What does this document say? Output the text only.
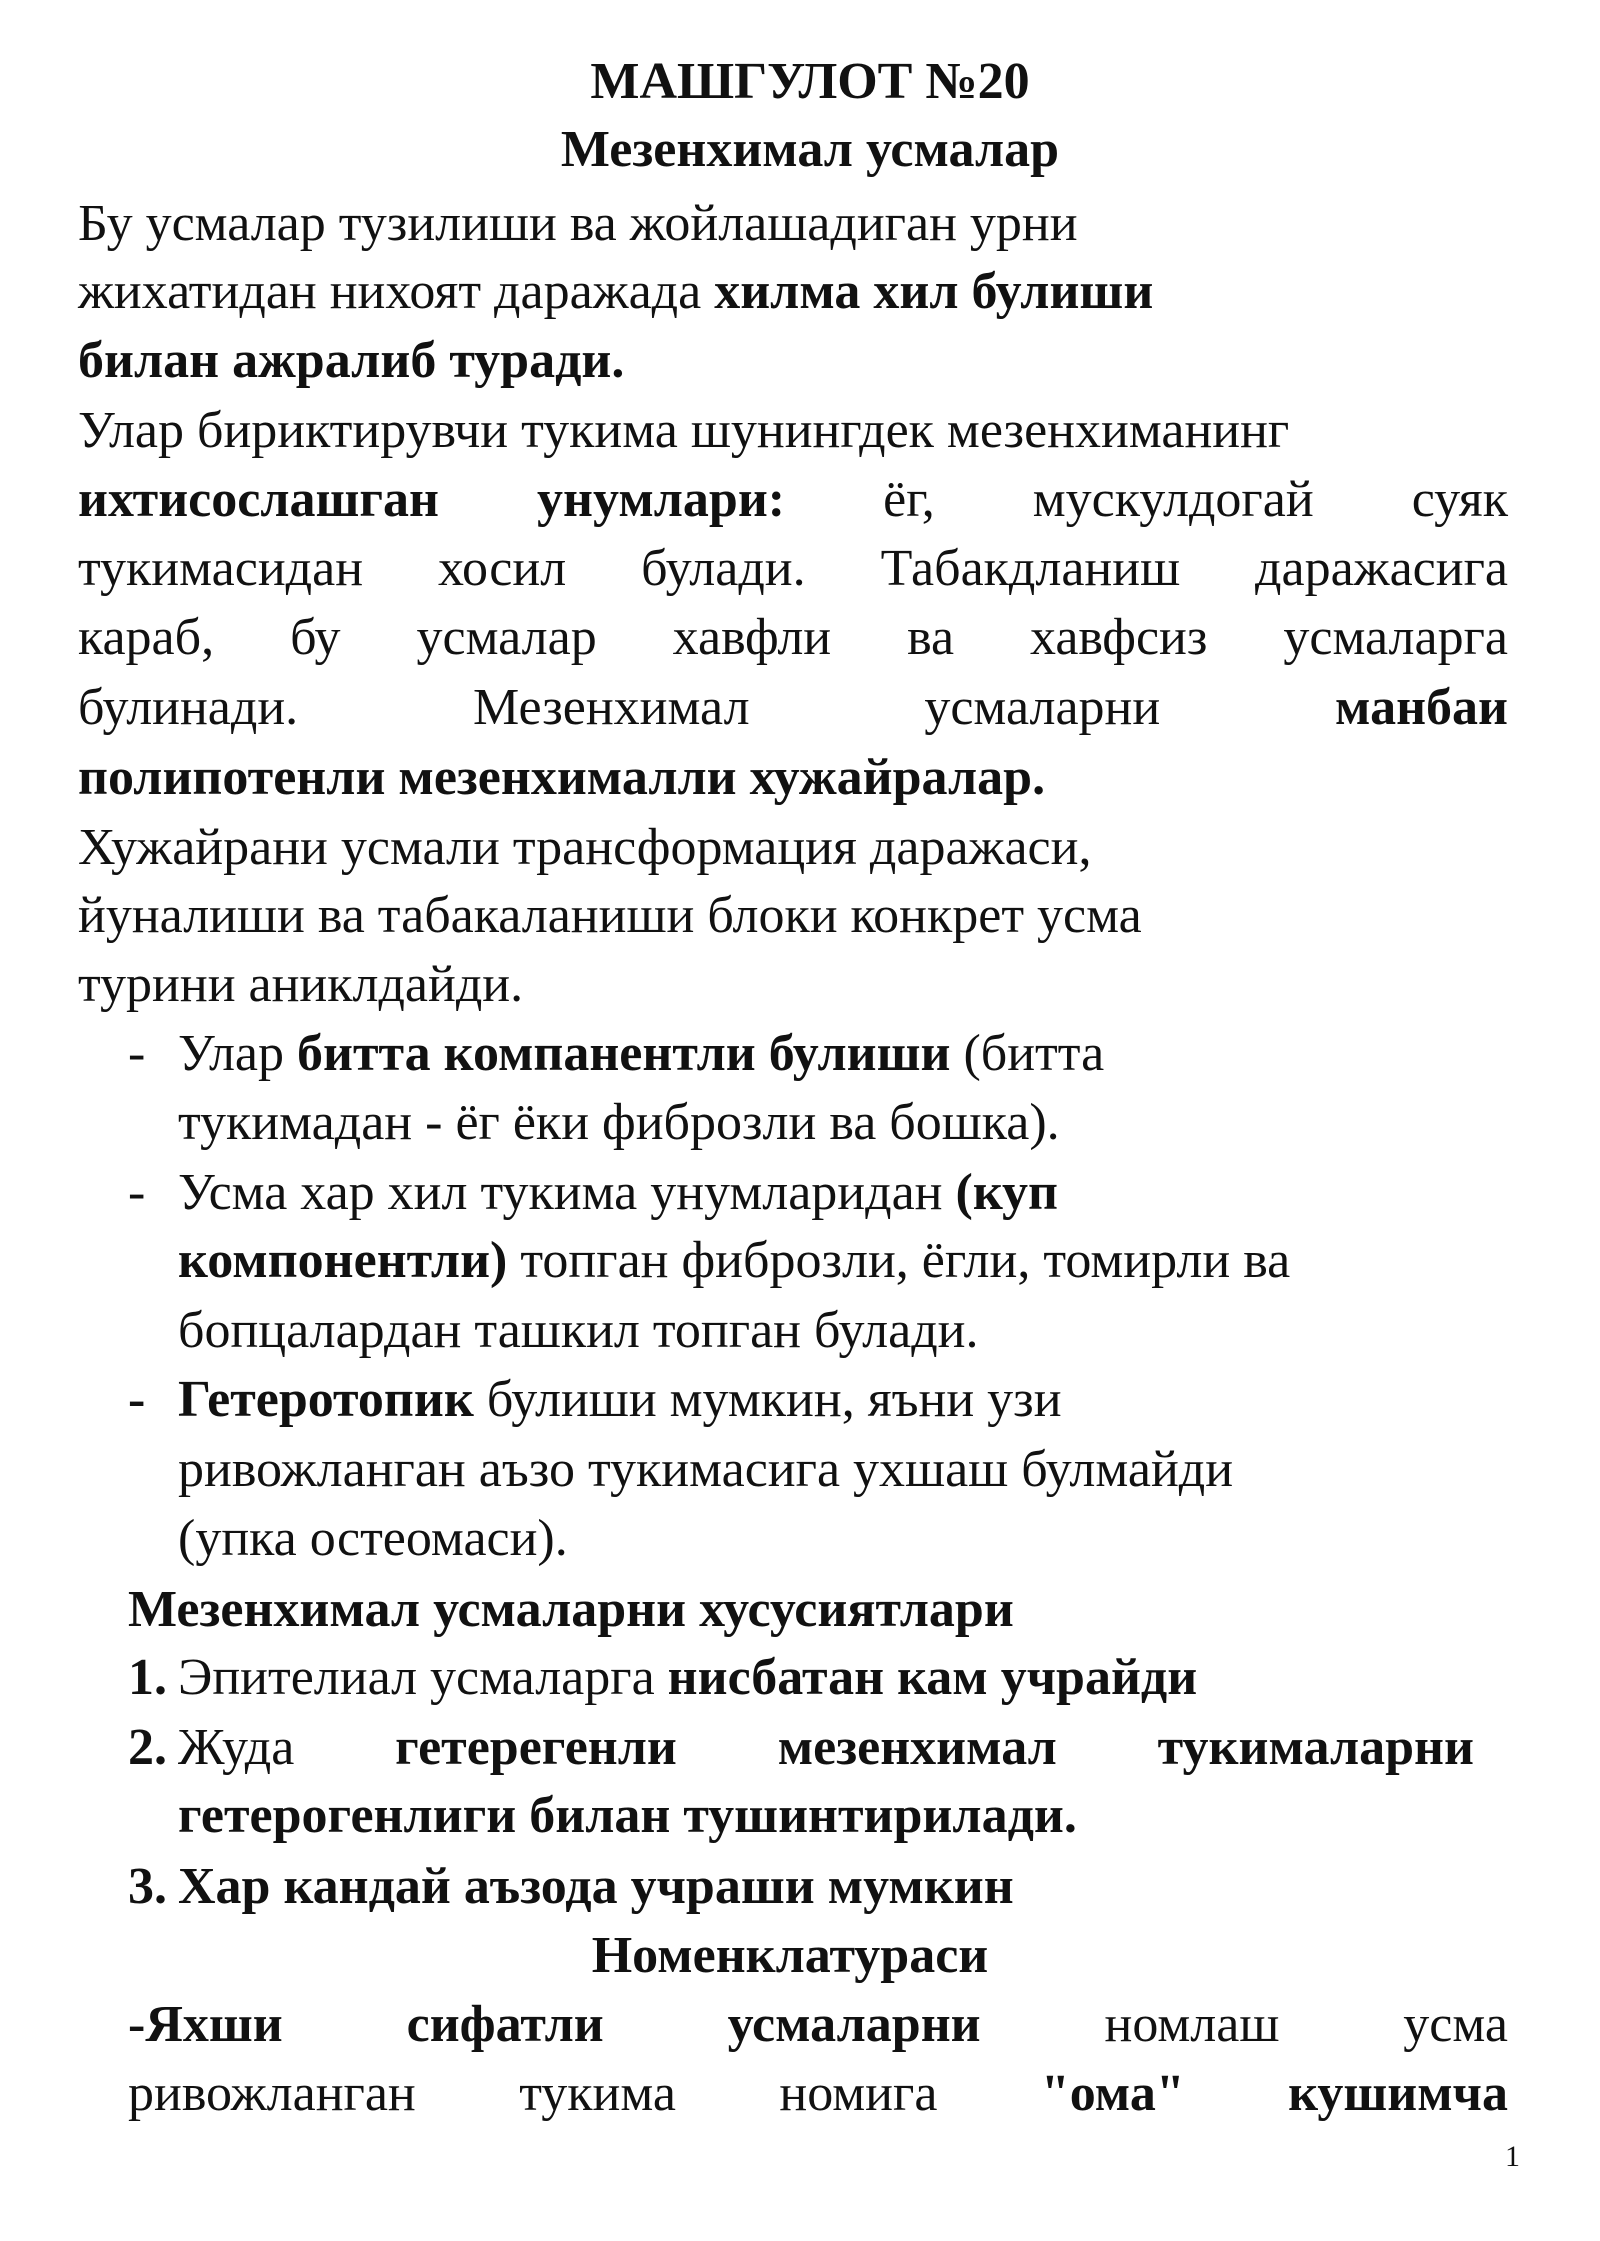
МАШГУЛОТ №20
Мезенхимал усмалар
Бу усмалар тузилиши ва жойлашадиган урни
жихатидан нихоят даражада хилма хил булиши
билан ажралиб туради.
Улар бириктирувчи тукима шунингдек мезенхиманинг
ихтисослашган унумлари: ёг, мускулдогай суяк
тукимасидан хосил булади. Табакдланиш даражасига
караб, бу усмалар хавфли ва хавфсиз усмаларга
булинади. Мезенхимал усмаларни манбаи
полипотенли мезенхималли хужайралар.
Хужайрани усмали трансформация даражаси,
йуналиши ва табакаланиши блоки конкрет усма
турини аниклдайди.
- Улар битта компанентли булиши (битта
тукимадан - ёг ёки фиброзли ва бошка).
- Усма хар хил тукима унумларидан (куп
компонентли) топган фиброзли, ёгли, томирли ва
бопцалардан ташкил топган булади.
- Гетеротопик булиши мумкин, яъни узи
ривожланган аъзо тукимасига ухшаш булмайди
(упка остеомаси).
Мезенхимал усмаларни хусусиятлари
1. Эпителиал усмаларга нисбатан кам учрайди
2. Жуда гетерегенли мезенхимал тукималарни
гетерогенлиги билан тушинтирилади.
3. Хар кандай аъзода учраши мумкин
Номенклатураси
-Яхши сифатли усмаларни номлаш усма
ривожланган тукима номига "ома" кушимча
1
